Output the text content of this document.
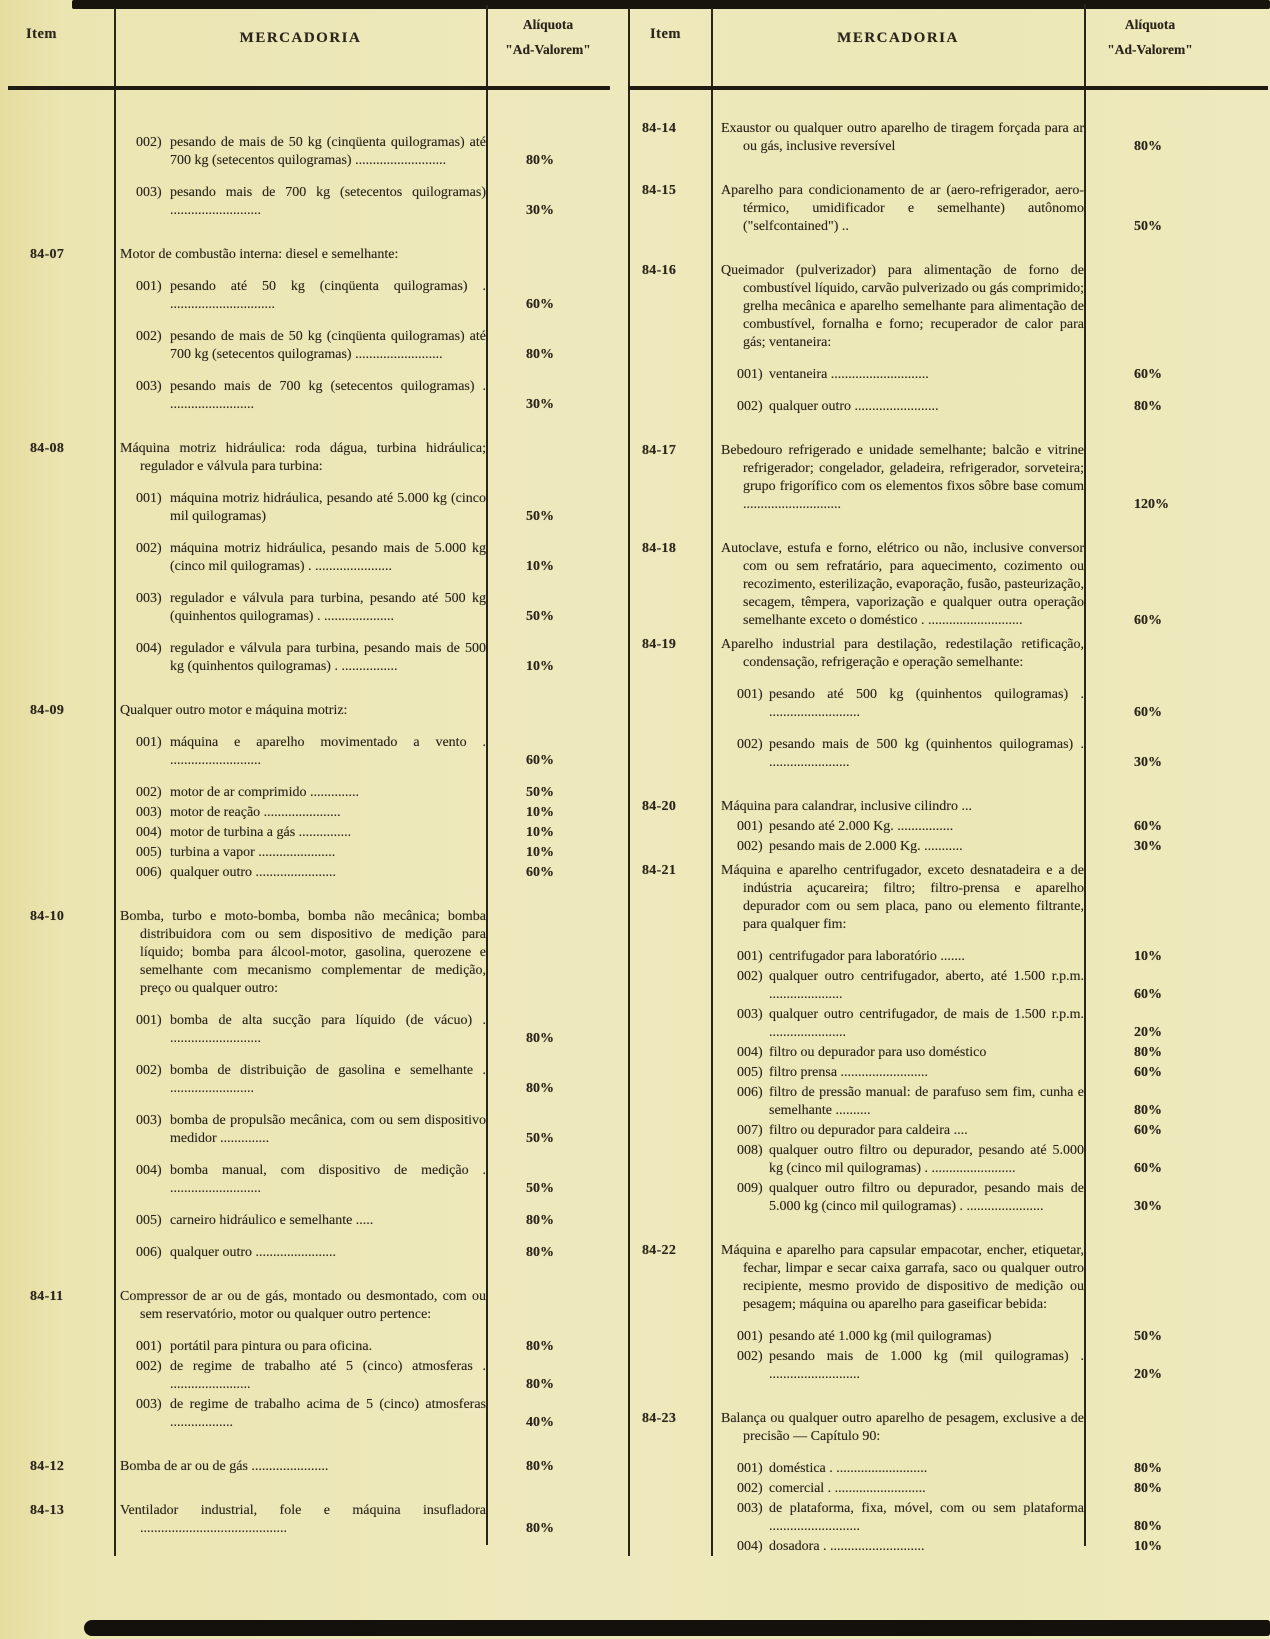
Item	MERCADORIA
Alíquota
"Ad-Valorem"
Item	MERCADORIA
Alíquota
"Ad-Valorem"
002) pesando de mais de 50 kg (cinqüenta quilogramas) até 700 kg (setecentos quilogramas) ..........................	80%
003) pesando mais de 700 kg (setecentos quilogramas) ..........................	30%
84-07	Motor de combustão interna: diesel e semelhante:
001) pesando até 50 kg (cinqüenta quilogramas) . ..............................	60%
002) pesando de mais de 50 kg (cinqüenta quilogramas) até 700 kg (setecentos quilogramas) .........................	80%
003) pesando mais de 700 kg (setecentos quilogramas) . ........................	30%
84-08	Máquina motriz hidráulica: roda dágua, turbina hidráulica; regulador e válvula para turbina:
001) máquina motriz hidráulica, pesando até 5.000 kg (cinco mil quilogramas)	50%
002) máquina motriz hidráulica, pesando mais de 5.000 kg (cinco mil quilogramas) . ......................	10%
003) regulador e válvula para turbina, pesando até 500 kg (quinhentos quilogramas) . ....................	50%
004) regulador e válvula para turbina, pesando mais de 500 kg (quinhentos quilogramas) . ................	10%
84-09	Qualquer outro motor e máquina motriz:
001) máquina e aparelho movimentado a vento . ..........................	60%
002) motor de ar comprimido ..............	50%
003) motor de reação ......................	10%
004) motor de turbina a gás ...............	10%
005) turbina a vapor ......................	10%
006) qualquer outro .......................	60%
84-10	Bomba, turbo e moto-bomba, bomba não mecânica; bomba distribuidora com ou sem dispositivo de medição para líquido; bomba para álcool-motor, gasolina, querozene e semelhante com mecanismo complementar de medição, preço ou qualquer outro:
001) bomba de alta sucção para líquido (de vácuo) . ..........................	80%
002) bomba de distribuição de gasolina e semelhante . ........................	80%
003) bomba de propulsão mecânica, com ou sem dispositivo medidor ..............	50%
004) bomba manual, com dispositivo de medição . ..........................	50%
005) carneiro hidráulico e semelhante .....	80%
006) qualquer outro .......................	80%
84-11	Compressor de ar ou de gás, montado ou desmontado, com ou sem reservatório, motor ou qualquer outro pertence:
001) portátil para pintura ou para oficina.	80%
002) de regime de trabalho até 5 (cinco) atmosferas . .......................	80%
003) de regime de trabalho acima de 5 (cinco) atmosferas ..................	40%
84-12	Bomba de ar ou de gás ......................	80%
84-13	Ventilador industrial, fole e máquina insufladora ..........................................	80%
84-14	Exaustor ou qualquer outro aparelho de tiragem forçada para ar ou gás, inclusive reversível	80%
84-15	Aparelho para condicionamento de ar (aero-refrigerador, aero-térmico, umidificador e semelhante) autônomo ("selfcontained") ..	50%
84-16	Queimador (pulverizador) para alimentação de forno de combustível líquido, carvão pulverizado ou gás comprimido; grelha mecânica e aparelho semelhante para alimentação de combustível, fornalha e forno; recuperador de calor para gás; ventaneira:
001) ventaneira ............................	60%
002) qualquer outro ........................	80%
84-17	Bebedouro refrigerado e unidade semelhante; balcão e vitrine refrigerador; congelador, geladeira, refrigerador, sorveteira; grupo frigorífico com os elementos fixos sôbre base comum ............................	120%
84-18	Autoclave, estufa e forno, elétrico ou não, inclusive conversor com ou sem refratário, para aquecimento, cozimento ou recozimento, esterilização, evaporação, fusão, pasteurização, secagem, têmpera, vaporização e qualquer outra operação semelhante exceto o doméstico . ...........................	60%
84-19	Aparelho industrial para destilação, redestilação retificação, condensação, refrigeração e operação semelhante:
001) pesando até 500 kg (quinhentos quilogramas) . ..........................	60%
002) pesando mais de 500 kg (quinhentos quilogramas) . .......................	30%
84-20	Máquina para calandrar, inclusive cilindro ...
001) pesando até 2.000 Kg. ................	60%
002) pesando mais de 2.000 Kg. ...........	30%
84-21	Máquina e aparelho centrifugador, exceto desnatadeira e a de indústria açucareira; filtro; filtro-prensa e aparelho depurador com ou sem placa, pano ou elemento filtrante, para qualquer fim:
001) centrifugador para laboratório .......	10%
002) qualquer outro centrifugador, aberto, até 1.500 r.p.m. .....................	60%
003) qualquer outro centrifugador, de mais de 1.500 r.p.m. ......................	20%
004) filtro ou depurador para uso doméstico	80%
005) filtro prensa .........................	60%
006) filtro de pressão manual: de parafuso sem fim, cunha e semelhante ..........	80%
007) filtro ou depurador para caldeira ....	60%
008) qualquer outro filtro ou depurador, pesando até 5.000 kg (cinco mil quilogramas) . ........................	60%
009) qualquer outro filtro ou depurador, pesando mais de 5.000 kg (cinco mil quilogramas) . ......................	30%
84-22	Máquina e aparelho para capsular empacotar, encher, etiquetar, fechar, limpar e secar caixa garrafa, saco ou qualquer outro recipiente, mesmo provido de dispositivo de medição ou pesagem; máquina ou aparelho para gaseificar bebida:
001) pesando até 1.000 kg (mil quilogramas)	50%
002) pesando mais de 1.000 kg (mil quilogramas) . ..........................	20%
84-23	Balança ou qualquer outro aparelho de pesagem, exclusive a de precisão — Capítulo 90:
001) doméstica . ..........................	80%
002) comercial . ..........................	80%
003) de plataforma, fixa, móvel, com ou sem plataforma ..........................	80%
004) dosadora . ...........................	10%
